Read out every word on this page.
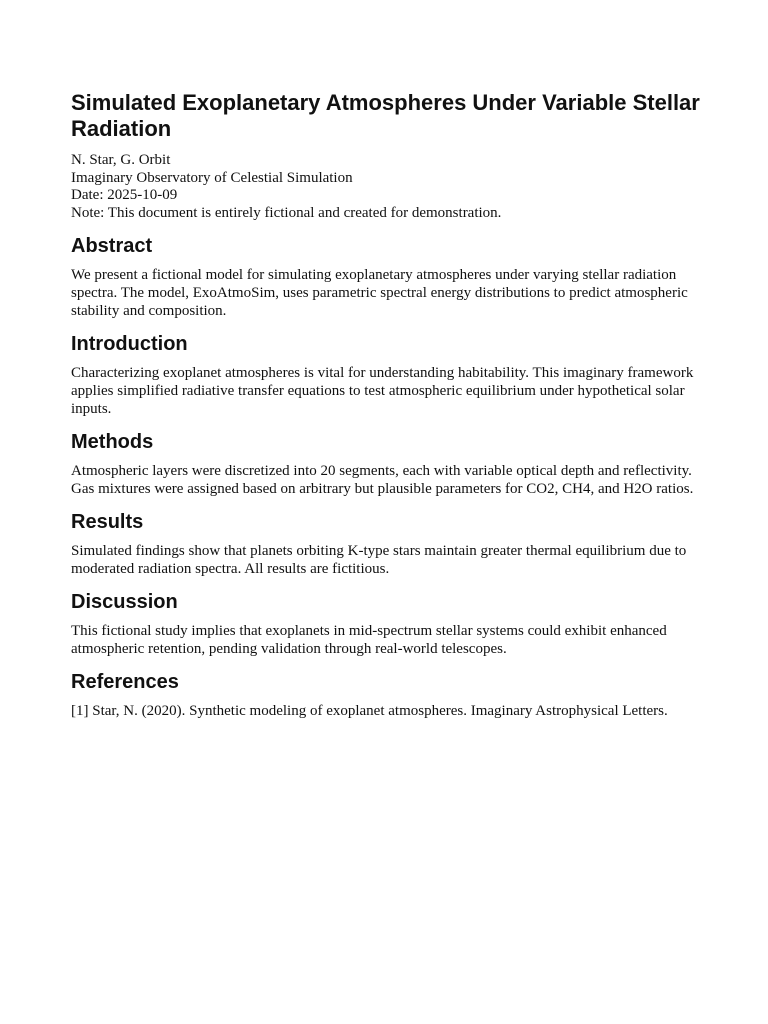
Simulated Exoplanetary Atmospheres Under Variable Stellar Radiation
N. Star, G. Orbit
Imaginary Observatory of Celestial Simulation
Date: 2025-10-09
Note: This document is entirely fictional and created for demonstration.
Abstract

We present a fictional model for simulating exoplanetary atmospheres under varying stellar radiation spectra. The model, ExoAtmoSim, uses parametric spectral energy distributions to predict atmospheric stability and composition.

Introduction

Characterizing exoplanet atmospheres is vital for understanding habitability. This imaginary framework applies simplified radiative transfer equations to test atmospheric equilibrium under hypothetical solar inputs.

Methods

Atmospheric layers were discretized into 20 segments, each with variable optical depth and reflectivity. Gas mixtures were assigned based on arbitrary but plausible parameters for CO2, CH4, and H2O ratios.

Results

Simulated findings show that planets orbiting K-type stars maintain greater thermal equilibrium due to moderated radiation spectra. All results are fictitious.

Discussion

This fictional study implies that exoplanets in mid-spectrum stellar systems could exhibit enhanced atmospheric retention, pending validation through real-world telescopes.

References

[1] Star, N. (2020). Synthetic modeling of exoplanet atmospheres. Imaginary Astrophysical Letters.
